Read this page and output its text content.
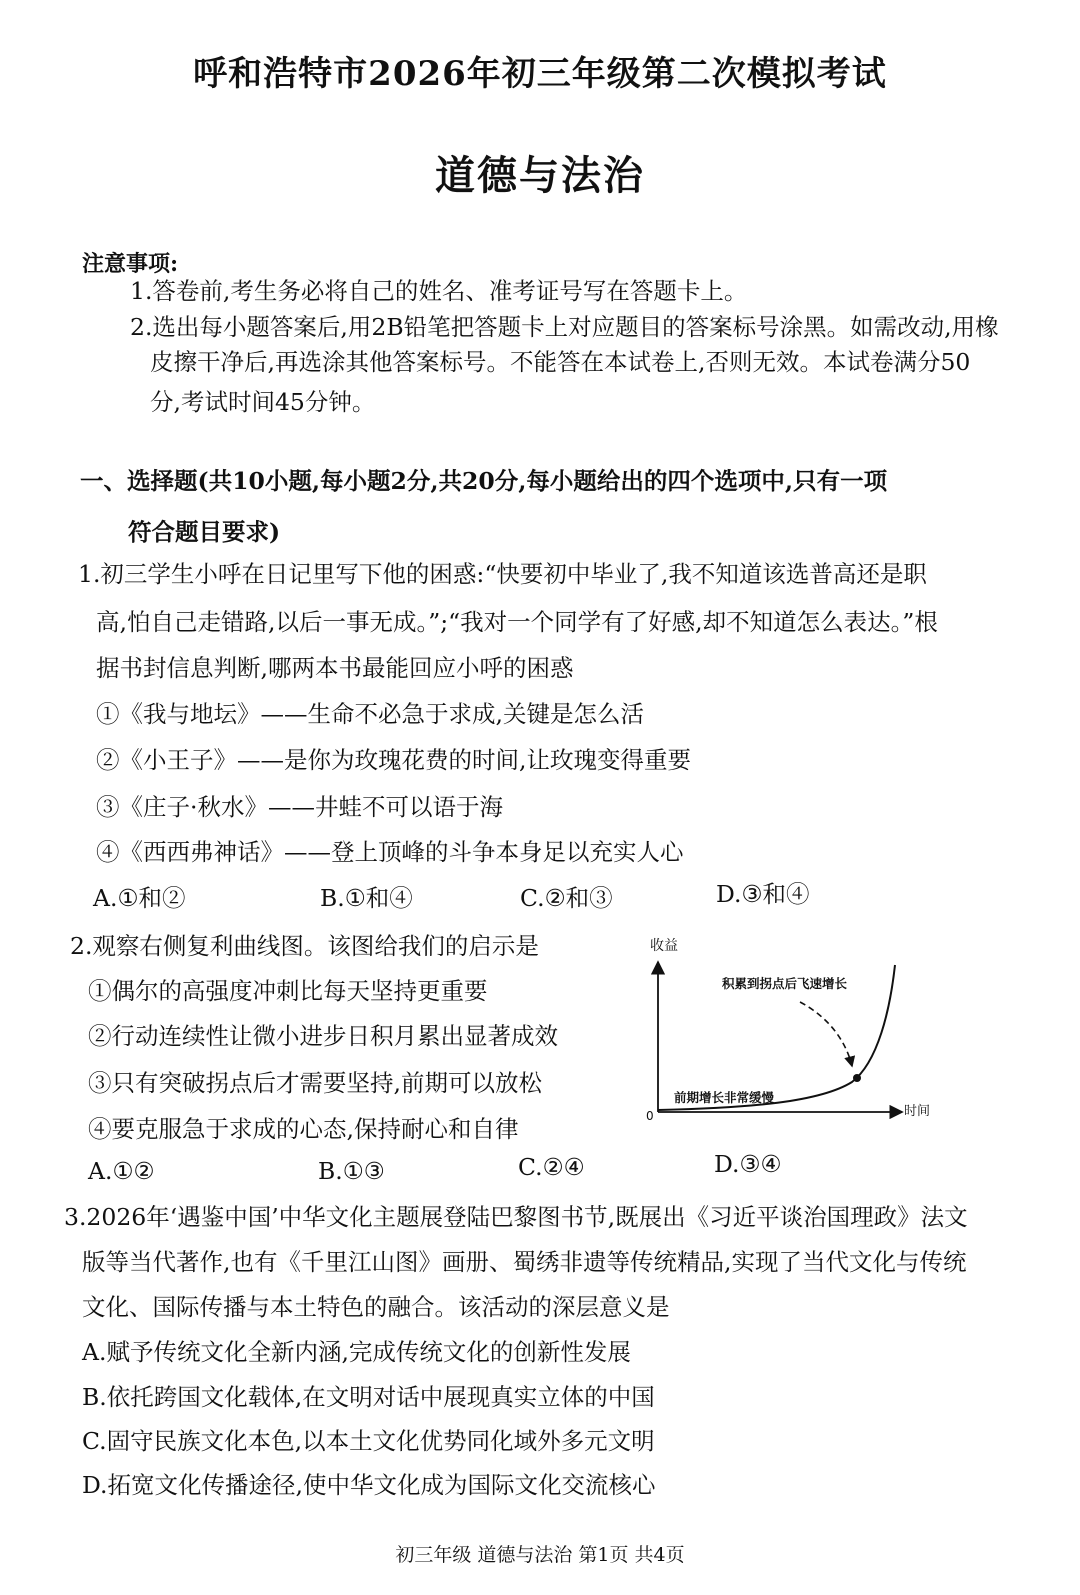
呼和浩特市2026年初三年级第二次模拟考试
道德与法治
注意事项:
1.答卷前,考生务必将自己的姓名、准考证号写在答题卡上。
2.选出每小题答案后,用2B铅笔把答题卡上对应题目的答案标号涂黑。如需改动,用橡
皮擦干净后,再选涂其他答案标号。不能答在本试卷上,否则无效。本试卷满分50
分,考试时间45分钟。
一、选择题(共10小题,每小题2分,共20分,每小题给出的四个选项中,只有一项
符合题目要求)
1.初三学生小呼在日记里写下他的困惑:“快要初中毕业了,我不知道该选普高还是职
高,怕自己走错路,以后一事无成。”;“我对一个同学有了好感,却不知道怎么表达。”根
据书封信息判断,哪两本书最能回应小呼的困惑
①《我与地坛》——生命不必急于求成,关键是怎么活
②《小王子》——是你为玫瑰花费的时间,让玫瑰变得重要
③《庄子·秋水》——井蛙不可以语于海
④《西西弗神话》——登上顶峰的斗争本身足以充实人心
A.①和②	B.①和④	C.②和③	D.③和④
2.观察右侧复利曲线图。该图给我们的启示是
①偶尔的高强度冲刺比每天坚持更重要
②行动连续性让微小进步日积月累出显著成效
③只有突破拐点后才需要坚持,前期可以放松
④要克服急于求成的心态,保持耐心和自律
A.①②	B.①③	C.②④	D.③④
收益
时间
0
积累到拐点后飞速增长
前期增长非常缓慢
3.2026年‘遇鉴中国’中华文化主题展登陆巴黎图书节,既展出《习近平谈治国理政》法文
版等当代著作,也有《千里江山图》画册、蜀绣非遗等传统精品,实现了当代文化与传统
文化、国际传播与本土特色的融合。该活动的深层意义是
A.赋予传统文化全新内涵,完成传统文化的创新性发展
B.依托跨国文化载体,在文明对话中展现真实立体的中国
C.固守民族文化本色,以本土文化优势同化域外多元文明
D.拓宽文化传播途径,使中华文化成为国际文化交流核心
初三年级 道德与法治 第1页 共4页
